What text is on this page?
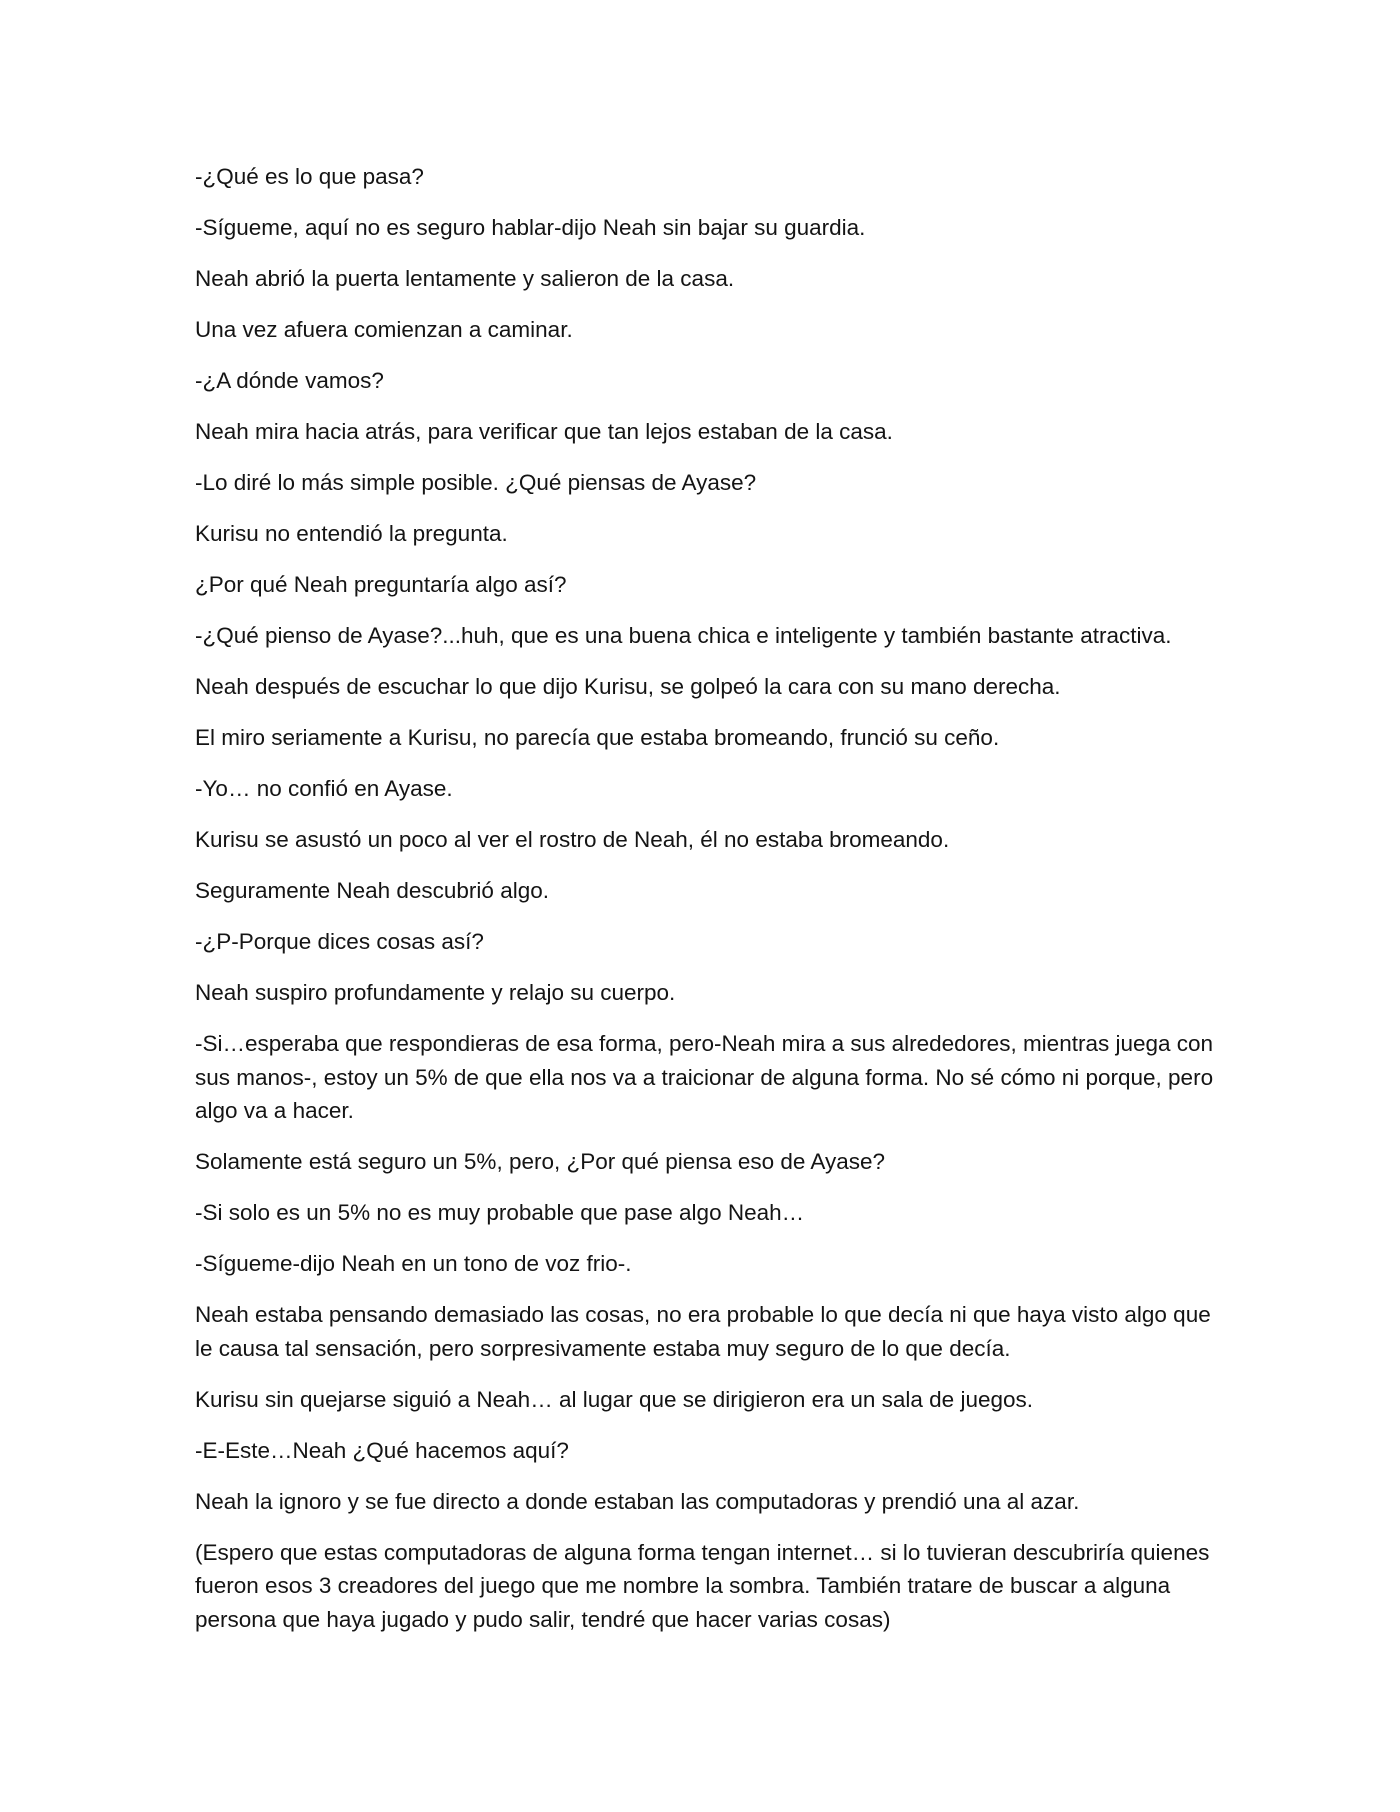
-¿Qué es lo que pasa?

-Sígueme, aquí no es seguro hablar-dijo Neah sin bajar su guardia.

Neah abrió la puerta lentamente y salieron de la casa.

Una vez afuera comienzan a caminar.

-¿A dónde vamos?

Neah mira hacia atrás, para verificar que tan lejos estaban de la casa.

-Lo diré lo más simple posible. ¿Qué piensas de Ayase?

Kurisu no entendió la pregunta.

¿Por qué Neah preguntaría algo así?

-¿Qué pienso de Ayase?...huh, que es una buena chica e inteligente y también bastante atractiva.

Neah después de escuchar lo que dijo Kurisu, se golpeó la cara con su mano derecha.

El miro seriamente a Kurisu, no parecía que estaba bromeando, frunció su ceño.

-Yo… no confió en Ayase.

Kurisu se asustó un poco al ver el rostro de Neah, él no estaba bromeando.

Seguramente Neah descubrió algo.

-¿P-Porque dices cosas así?

Neah suspiro profundamente y relajo su cuerpo.

-Si…esperaba que respondieras de esa forma, pero-Neah mira a sus alrededores, mientras juega con sus manos-, estoy un 5% de que ella nos va a traicionar de alguna forma. No sé cómo ni porque, pero algo va a hacer.

Solamente está seguro un 5%, pero, ¿Por qué piensa eso de Ayase?

-Si solo es un 5% no es muy probable que pase algo Neah…

-Sígueme-dijo Neah en un tono de voz frio-.

Neah estaba pensando demasiado las cosas, no era probable lo que decía ni que haya visto algo que le causa tal sensación, pero sorpresivamente estaba muy seguro de lo que decía.

Kurisu sin quejarse siguió a Neah… al lugar que se dirigieron era un sala de juegos.

-E-Este…Neah ¿Qué hacemos aquí?

Neah la ignoro y se fue directo a donde estaban las computadoras y prendió una al azar.

(Espero que estas computadoras de alguna forma tengan internet… si lo tuvieran descubriría quienes fueron esos 3 creadores del juego que me nombre la sombra. También tratare de buscar a alguna persona que haya jugado y pudo salir, tendré que hacer varias cosas)
